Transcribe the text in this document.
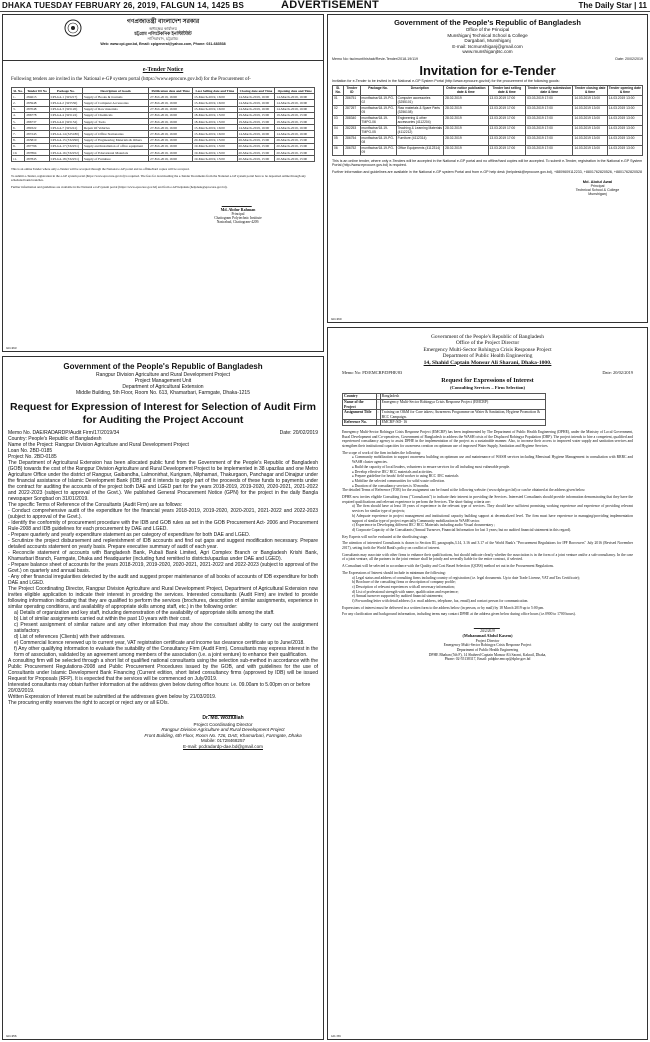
DHAKA TUESDAY FEBRUARY 26, 2019, FALGUN 14, 1425 BS	ADVERTISEMENT	The Daily Star | 11
গণপ্রজাতন্ত্রী বাংলাদেশ সরকার
অধ্যক্ষের কার্যালয়
চট্টগ্রাম পলিটেকনিক ইনস্টিটিউট
নাসিরাবাদ, চট্টগ্রাম।
Web: www.cpi.gov.bd, Email: cpigeneral@yahoo.com, Phone: 031-683538
e-Tender Notice

Following tenders are invited in the National e-GP system portal (https://www.eprocure.gov.bd) for the Procurement of-

Sl. No.	Tender ID No	Package No.	Description of Goods	Publication date and Time	Last Selling date and Time	Closing date and Time	Opening date and Time
1.	284613	CPI-G4-1 (325217)	Supply of Books & Journals	27-Feb-2019, 16:00	13-March-2019, 16:00	14-March-2019, 16:00	14-March-2019, 16:00
2.	285948	CPI-G4-2 (325530)	Supply of Computer Accessories	27-Feb-2019, 16:00	13-March-2019, 16:00	14-March-2019, 16:00	14-March-2019, 16:00
3.	287048	CPI-G4-3 (325120)	Supply of Raw materials	27-Feb-2019, 16:00	13-March-2019, 16:00	14-March-2019, 16:00	14-March-2019, 16:00
4.	286778	CPI-G4-4 (325122)	Supply of Chemicals	27-Feb-2019, 16:00	18-March-2019, 15:00	19-March-2019, 15:00	19-March-2019, 15:00
5.	286737	CPI-G4-6 (325152)	Supply of Tools	27-Feb-2019, 16:00	18-March-2019, 15:00	19-March-2019, 15:00	19-March-2019, 15:00
6.	289322	CPI-G4-7 (325241)	Repair Of Vehicles	27-Feb-2019, 16:00	13-March-2019, 16:00	14-March-2019, 16:00	14-March-2019, 16:00
7.	287243	CPI-G4-14 (325180)	Supply of Office Stationaries	27-Feb-2019, 16:00	13-March-2019, 16:00	14-March-2019, 16:00	14-March-2019, 16:00
8.	265810	CPI-G4-15 (332290)	Supply of Engineering Materials & Others	27-Feb-2019, 16:00	20-March-2019, 15:00	26-March-2019, 15:00	26-March-2019, 15:00
9.	287796	CPI-G4-17 (332251)	Supply and Installation of office equipment	27-Feb-2019, 16:00	19-March-2019, 15:00	20-March-2019, 15:00	20-March-2019, 15:00
10.	287864	CPI-G4-16 (332252)	Supply of Educational Materials	27-Feb-2019, 16:00	19-March-2019, 15:00	20-March-2019, 15:00	20-March-2019, 15:00
11.	287845	CPI-G4-18 (332251)	Supply of Furniture	27-Feb-2019, 16:00	19-March-2019, 15:00	20-March-2019, 15:00	20-March-2019, 15:00

This is an online Tender where only e-Tender will be accepted through the National e-GP portal and no offline/hard copies will be accepted.

To submit e-Tender, registration in the e-GP system portal (https://www.eprocure.gov.bd) is required. The fees for downloading the e-Tender Documents from the National e-GP system portal have to be deposited online through any scheduled bank branches.

Further information and guidelines are available in the National e-GP system portal (https://www.eprocure.gov.bd) and from e-GP helpdesk (helpdesk@eprocure.gov.bd).

Md. Abdur Rahman
Principal
Chattogram Polytechnic Institute
Nasirabad, Chattogram-4209.
GD-363
Government of the People's Republic of Bangladesh
Office of the Principal
Munshiganj Technical School & College
Dargabari, Munshiganj
E-mail: tscmunshiganj@gmail.com
www.munshiganjtsc.com
Memo No: tsc/munt/hishab/Revie-Tender/2018-19/119	Date: 20/02/2019
Invitation for e-Tender

Invitation for e-Tender to be invited in the National e-GP System Portal (http://www.eprocure.gov.bd) for the procurement of the following goods:

Sl. No.	Tender ID	Package No.	Description	Online notice publication date & time	Tender last selling date & time	Tender security submission date & time	Tender closing date & time	Tender opening date & time
01	286751	muntfactse/18-19-PG-02	Computer accessories (3255101)	28.02.2019	13.03.2019 17:00	03.03.2019 17:00	14.03.2019 13:00	14.03.2019 13:00
02	287257	muntfactse/18-19-PG-05	Raw materials & Spare Parts (3256108)	28.02.2019	13.03.2019 17:00	03.03.2019 17:00	14.03.2019 13:00	14.03.2019 13:00
03	288340	muntfactse/18-19-TMPG-06	Engineering & other accessories (4112204)	28.02.2019	13.03.2019 17:00	03.03.2019 17:00	14.03.2019 13:00	14.03.2019 13:00
04	282253	muntfactse/18-19-TMPG-05	Teaching & Learning Materials (4112212)	28.02.2019	13.03.2019 17:00	03.03.2019 17:00	14.03.2019 13:00	14.03.2019 13:00
05	286754	muntfactse/18-19-PG-08	Furniture (4112314)	28.02.2019	13.03.2019 17:00	03.03.2019 17:00	14.03.2019 13:00	14.03.2019 13:00
06	286752	muntfactse/18-19-PG-09	Office Equipments (4112314)	28.02.2019	13.03.2019 17:00	03.03.2019 17:00	14.03.2019 13:00	14.03.2019 13:00

This is an online tender, where only e-Tenders will be accepted in the National e-GP portal and no offline/hard copies will be accepted. To submit e-Tender, registration in the National e-GP System Portal (http://www.eprocure.gov.bd) is required.

Further information and guidelines are available in the National e-GP system Portal and from e-GP help desk (helpdesk@eprocure.gov.bd), +8809609112233, +8801762820526, +8801762820528

Md. Abdul Awal
Principal
Technical School & College
Munshiganj
GD-360
Government of the People's Republic of Bangladesh
Rangpur Division Agriculture and Rural Development Project
Project Management Unit
Department of Agricultural Extension
Middle Building, 5th Floor, Room No. 613, Khamarbari, Farmgate, Dhaka-1215
Request for Expression of Interest for Selection of Audit Firm for Auditing the Project Account
Memo No. DAE/RADARDP/Audit Firm/17/2019/34	Date: 20/02/2019
Country: People's Republic of Bangladesh
Name of the Project: Rangpur Division Agriculture and Rural Development Project
Loan No. 2BD-0185
Project No. 2BD-0185

The Department of Agricultural Extension has been allocated public fund from the Government of the People's Republic of Bangladesh (GOB) towards the cost of the Rangpur Division Agriculture and Rural Development Project to be implemented in 38 upazilas and one Metro Agriculture Office under the district of Rangpur, Gaibandha, Lalmonirhat, Kurigram, Nilphamari, Thakurgaon, Panchagar and Dinajpur under the financial assistance of Islamic Development Bank (IDB) and it intends to apply part of the proceeds of these funds to payments under the contract for auditing the accounts of the project both DAE and LGED part for the years 2018-2019, 2019-2020, 2020-2021, 2021-2022 and 2022-2023 (subject to approval of the Govt.). We published General Procurement Notice (GPN) for the project in the daily Bangla newspaper Songbad on 31/01/2019.

The specific Terms of Reference of the Consultants (Audit Firm) are as follows:

- Conduct comprehensive audit of the expenditure for the financial years 2018-2019, 2019-2020, 2020-2021, 2021-2022 and 2022-2023 (subject to approval of the Govt.).
- Identify the conformity of procurement procedure with the IDB and GOB rules as set in the GOB Procurement Act- 2006 and Procurement Rule-2008 and IDB guidelines for each procurement by DAE and LGED.
- Prepare quarterly and yearly expenditure statement as per category of expenditure for both DAE and LGED.
- Scrutinize the project disbursement and replenishment of IDB accounts and find out gaps and suggest modification necessary. Prepare detailed accounts statement on yearly basis. Prepare executive summary of audit of each year.
- Reconcile statement of accounts with Bangladesh Bank, Pubali Bank Limited, Agri Complex Branch or Bangladesh Krishi Bank, Khamarbari Branch, Farmgate, Dhaka and Headquarter (including fund remitted to districts/upazilas under DAE and LGED).
- Prepare balance sheet of accounts for the years 2018-2019, 2019-2020, 2020-2021, 2021-2022 and 2022-2023 (subject to approval of the Govt.) on quarterly and annual basis.
- Any other financial irregularities detected by the audit and suggest proper maintenance of all books of accounts of IDB expenditure for both DAE and LGED.

The Project Coordinating Director, Rangpur Division Agriculture and Rural Development Project, Department of Agricultural Extension now invites eligible application to indicate their interest in providing the services. Interested consultants (Audit Firm) are invited to provide following information indicating that they are qualified to perform the services (brochures, description of similar assignments, experience in similar operating conditions, and availability of appropriate skills among staff, etc.) in the following order:

a) Details of organization and key staff, including demonstration of the availability of appropriate skills among the staff.
b) List of similar assignments carried out within the past 10 years with their cost.
c) Present assignment of similar nature and any other information that may show the consultant ability to carry out the assignment satisfactory.
d) List of references (Clients) with their addresses.
e) Commercial licence renewed up to current year, VAT registration certificate and income tax clearance certificate up to June/2018.
f) Any other qualifying information to evaluate the suitability of the Consultancy Firm (Audit Firm). Consultants may express interest in the form of association, validated by an agreement among members of the association (i.e. a joint venture) to enhance their qualification.

A consulting firm will be selected through a short list of qualified national consultants using the selection sub-method in accordance with the Public Procurement Regulations-2008 and Public Procurement Procedures issued by the GOB, and with guidelines for the use of Consultants under Islamic Development Bank Financing (Current edition, short listed consultancy firms (approved by IDB) will be issued Request for Proposals (RFP). It is expected that the services will be commenced on July/2019.

Interested consultants may obtain further information at the address given below during office hours: i.e. 09.00am to 5.00pm on or before 20/03/2019.

Written Expression of Interest must be submitted at the addresses given below by 21/03/2019.

The procuring entity reserves the right to accept or reject any or all EOIs.

Dr. Md. Woziullah
Project Coordinating Director
Rangpur Division Agriculture and Rural Development Project
Front Building, 6th Floor, Room No. 726, DAE, Khamarbari, Farmgate, Dhaka
Mobile: 01728468257
E-mail: pcdradardp-dae.bd@gmail.com
GD-356
Government of the People's Republic of Bangladesh
Office of the Project Director
Emergency Multi-Sector Rohingya Crisis Response Project
Department of Public Health Engineering
14, Shahid Captain Monsur Ali Sharani, Dhaka-1000.
Memo No: PD/EMCRP/DPHE/83	Date: 20/02/2019
Request for Expressions of Interest
(Consulting Services – Firm Selection)
Country	:	Bangladesh
Name of the Project	:	Emergency Multi-Sector Rohingya Crisis Response Project (EMCRP)
Assignment Title	:	Training on O&M for Care takers; Awareness Programme on Water & Sanitation, Hygiene Promotion & BCC Campaign.
Reference No.	:	EMCRP /SD- 16

Emergency Multi-Sector Rohingya Crisis Response Project (EMCRP) has been implemented by The Department of Public Health Engineering (DPHE), under the Ministry of Local Government, Rural Development and Co-operatives, Government of Bangladesh to address the WASH crisis of the Displaced Rohingya Population (DRP). The project intends to hire a competent, qualified and experienced consultancy agency to assist DPHE in the implementation of the project as a sustainable manner. Also, to increase their access to improved water supply and sanitation services and strengthen their institutional capacities for awareness creation on optimum use of improved Water Supply, Sanitation and Hygiene Services.

The scope of work of the firm includes the following:

● Community mobilization to support awareness building on optimum use and maintenance of WASH services including Menstrual Hygiene Management in consultation with RRRC and WASH cluster agencies.
● Build the capacity of local leaders, volunteers to ensure services for all including most vulnerable people.
● Develop effective IEC/ BCC materials and activities.
● Prepare guideline for heads/ field worker to using BCC /IEC materials
● Mobilize the selected communities for solid waste collection.
● Duration of the consultancy services is 30 months.

The detailed Terms of Reference (TOR) for the assignment can be found at the following website: (www.dphe.gov.bd) or can be obtained at the address given below.

DPHE now invites eligible Consulting firms ("Consultants") to indicate their interest in providing the Services. Interested Consultants should provide information demonstrating that they have the required qualifications and relevant experience to perform the Services. The short-listing criteria are:

a) The firm should have at least 10 years of experience in the relevant type of services. They should have sufficient promising working experience and experience of providing relevant services for similar type of projects;
b) Adequate experience in project management and institutional capacity building support at decentralized level. The firm must have experience in managing/providing implementation support of similar type of project especially Community mobilization in WASH sector.
c) Experience in Developing different IEC/ BCC Materials including audio Visual documentary ;
d) Corporate Capacity of the Consultants (Annual Turnover, Financial Information for last 3 years; but no audited financial statement in this regard).

Key Experts will not be evaluated at the shortlisting stage.

The attention of interested Consultants is drawn to Section III, paragraphs,3.14, 3.16 and 3.17 of the World Bank's "Procurement Regulations for IPF Borrowers" July 2016 (Revised November 2017), setting forth the World Bank's policy on conflict of interest.

Consultants may associate with other firms to enhance their qualifications, but should indicate clearly whether the association is in the form of a joint venture and/or a sub-consultancy. In the case of a joint venture, all the partners in the joint venture shall be jointly and severally liable for the entire contract, if selected.

A Consultant will be selected in accordance with the Quality and Cost Based Selection (QCBS) method set out in the Procurement Regulations.

The Expressions of Interest should include in minimum the following:

a) Legal status and address of consulting firms including country of registration (i.e. legal documents. Up to date Trade License, VAT and Tax Certificate);
b) Brochure of the consulting firms or description of company profile;
c) Description of relevant experiences with all necessary information;
d) List of professional strength with name, qualification and experience;
e) Annual turnover supported by audited financial statements;
f) Forwarding letter with detail address (i.e. mail address, telephone, fax, email) and contact person for communication.

Expressions of interest must be delivered in a written form to the address below (in person, or by mail) by 18 March 2019 up to 5:00 pm.

For any clarification and background information, including terms may contact DPHE at the address given below during office hours (i.e.0900 to 1700 hours).

20/2/2019
(Mohammad Abdul Kasem)
Project Director
Emergency Multi-Sector Rohingya Crisis Response Project
Department of Public Health Engineering
DPHE Bhaban (5th F), 14 Shaheed Captain Mansur Ali Sarani, Kakrail, Dhaka,
Phone: 02-55138317, Email: pddphe.emcrp@dphe.gov.bd
GD-365
